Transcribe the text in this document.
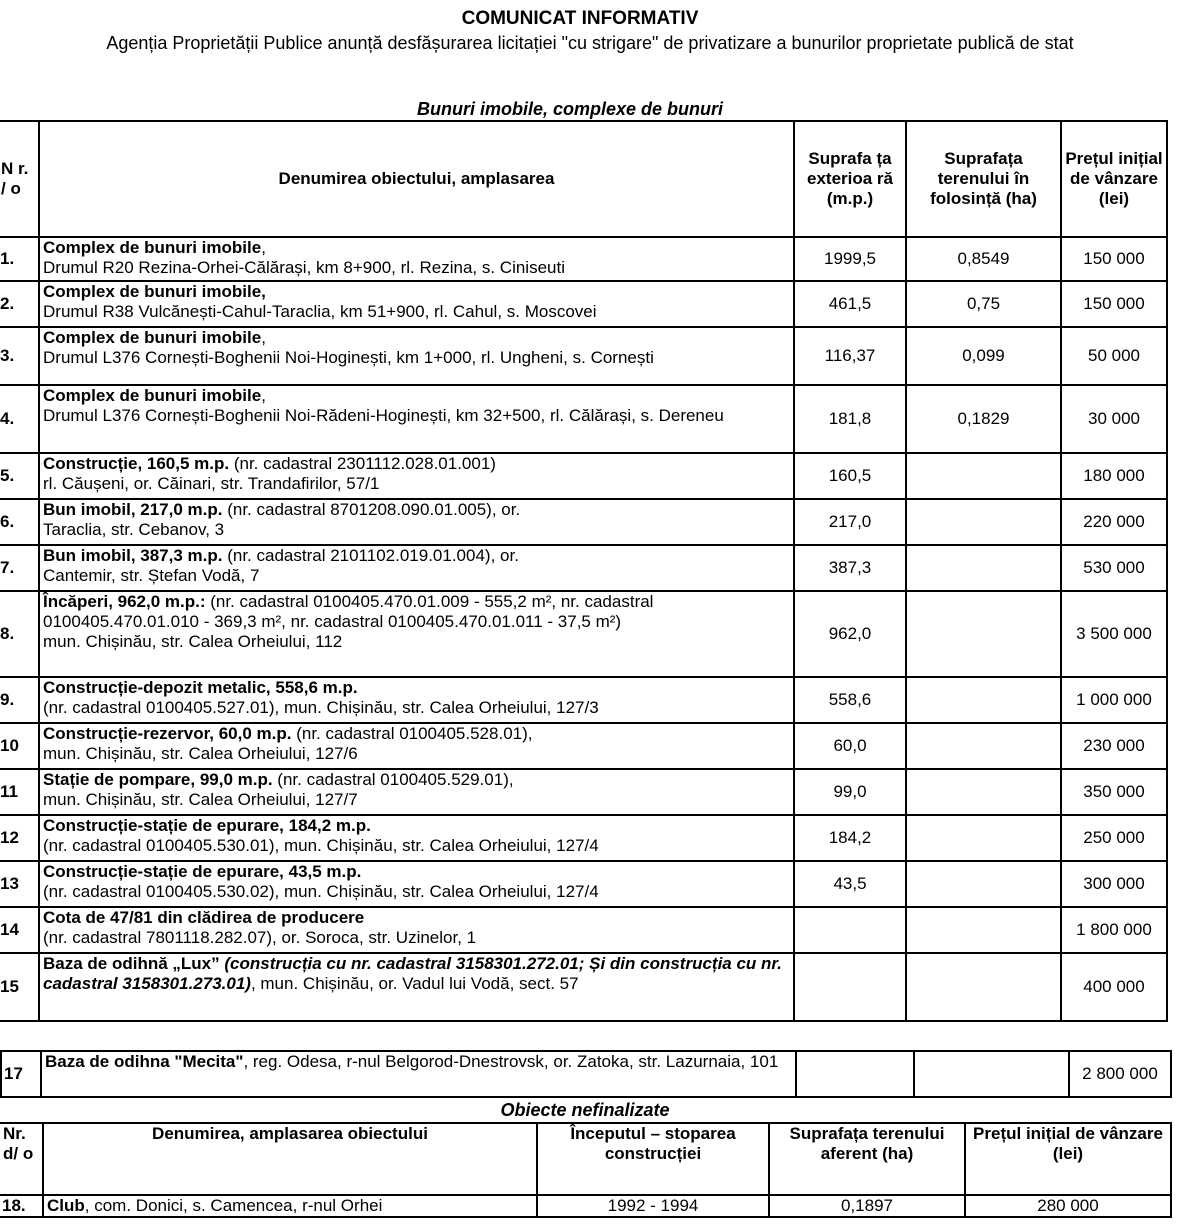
COMUNICAT INFORMATIV
Agenția Proprietății Publice anunță desfășurarea licitației "cu strigare" de privatizare a bunurilor proprietate publică de stat
Bunuri imobile, complexe de bunuri
N r. / o	Denumirea obiectului, amplasarea	Suprafa ța exterioa ră (m.p.)	Suprafața terenului în folosință (ha)	Prețul inițial de vânzare (lei)
1.	Complex de bunuri imobile,
Drumul R20 Rezina-Orhei-Călărași, km 8+900, rl. Rezina, s. Ciniseuti	1999,5	0,8549	150 000
2.	Complex de bunuri imobile,
Drumul R38 Vulcănești-Cahul-Taraclia, km 51+900, rl. Cahul, s. Moscovei	461,5	0,75	150 000
3.	Complex de bunuri imobile,
Drumul L376 Cornești-Boghenii Noi-Hoginești, km 1+000, rl. Ungheni, s. Cornești	116,37	0,099	50 000
4.	Complex de bunuri imobile,
Drumul L376 Cornești-Boghenii Noi-Rădeni-Hoginești, km 32+500, rl. Călărași, s. Dereneu	181,8	0,1829	30 000
5.	Construcție, 160,5 m.p. (nr. cadastral 2301112.028.01.001)
rl. Căușeni, or. Căinari, str. Trandafirilor, 57/1	160,5		180 000
6.	Bun imobil, 217,0 m.p. (nr. cadastral 8701208.090.01.005), or.
Taraclia, str. Cebanov, 3	217,0		220 000
7.	Bun imobil, 387,3 m.p. (nr. cadastral 2101102.019.01.004), or.
Cantemir, str. Ștefan Vodă, 7	387,3		530 000
8.	Încăperi, 962,0 m.p.: (nr. cadastral 0100405.470.01.009 - 555,2 m², nr. cadastral 0100405.470.01.010 - 369,3 m², nr. cadastral 0100405.470.01.011 - 37,5 m²)
mun. Chișinău, str. Calea Orheiului, 112	962,0		3 500 000
9.	Construcție-depozit metalic, 558,6 m.p.
(nr. cadastral 0100405.527.01), mun. Chișinău, str. Calea Orheiului, 127/3	558,6		1 000 000
10	Construcție-rezervor, 60,0 m.p. (nr. cadastral 0100405.528.01),
mun. Chișinău, str. Calea Orheiului, 127/6	60,0		230 000
11	Stație de pompare, 99,0 m.p. (nr. cadastral 0100405.529.01),
mun. Chișinău, str. Calea Orheiului, 127/7	99,0		350 000
12	Construcție-stație de epurare, 184,2 m.p.
(nr. cadastral 0100405.530.01), mun. Chișinău, str. Calea Orheiului, 127/4	184,2		250 000
13	Construcție-stație de epurare, 43,5 m.p.
(nr. cadastral 0100405.530.02), mun. Chișinău, str. Calea Orheiului, 127/4	43,5		300 000
14	Cota de 47/81 din clădirea de producere
(nr. cadastral 7801118.282.07), or. Soroca, str. Uzinelor, 1			1 800 000
15	Baza de odihnă „Lux” (construcția cu nr. cadastral 3158301.272.01; Și din construcția cu nr. cadastral 3158301.273.01), mun. Chișinău, or. Vadul lui Vodă, sect. 57			400 000
17	Baza de odihna "Mecita", reg. Odesa, r-nul Belgorod-Dnestrovsk, or. Zatoka, str. Lazurnaia, 101			2 800 000
Obiecte nefinalizate
Nr. d/ o	Denumirea, amplasarea obiectului	Începutul – stoparea construcției	Suprafața terenului aferent (ha)	Prețul inițial de vânzare (lei)
18.	Club, com. Donici, s. Camencea, r-nul Orhei	1992 - 1994	0,1897	280 000
